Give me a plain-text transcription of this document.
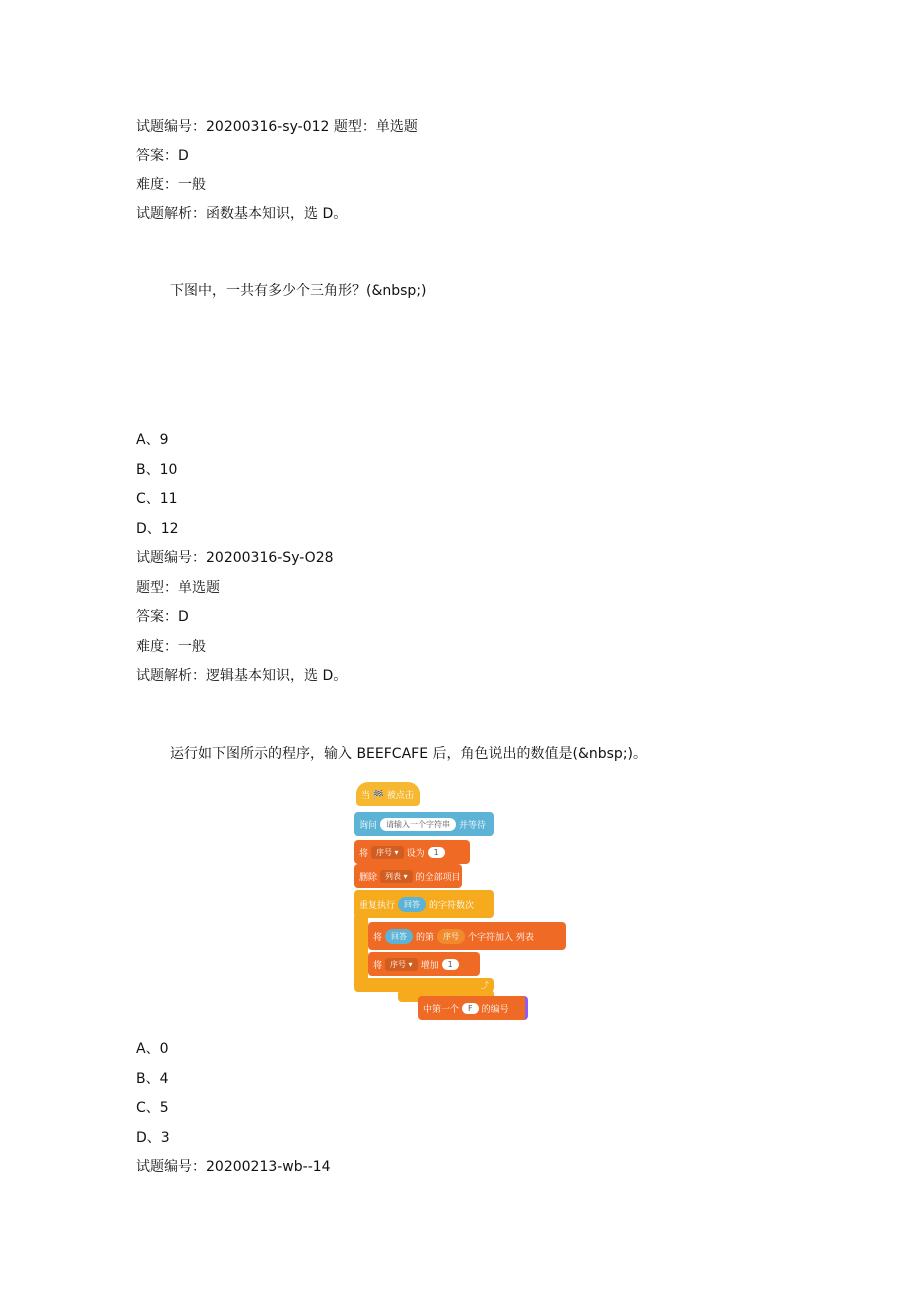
试题编号：20200316-sy-012 题型：单选题
答案：D
难度：一般
试题解析：函数基本知识，选 D。
下图中，一共有多少个三角形？(&nbsp;)
A、9
B、10
C、11
D、12
试题编号：20200316-Sy-O28
题型：单选题
答案：D
难度：一般
试题解析：逻辑基本知识，选 D。
运行如下图所示的程序，输入 BEEFCAFE 后，角色说出的数值是(&nbsp;)。
当 🏁 被点击
询问	请输入一个字符串	并等待
将	序号 ▾ 设为	1
删除	列表 ▾ 的全部项目
重复执行	回答	的字符数 次
将	回答	的第	序号	个字符 加入 列表
将	序号 ▾ 增加	1
⤴
中第一个	F	的编号
A、0
B、4
C、5
D、3
试题编号：20200213-wb--14
